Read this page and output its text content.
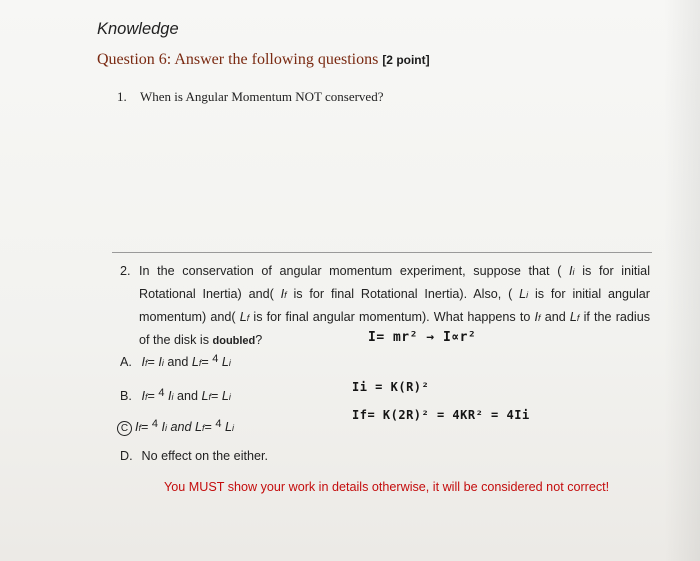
Knowledge
Question 6: Answer the following questions [2 point]
1. When is Angular Momentum NOT conserved?
2. In the conservation of angular momentum experiment, suppose that ( Ii is for initial Rotational Inertia) and( If is for final Rotational Inertia). Also, ( Li is for initial angular momentum) and( Lf is for final angular momentum). What happens to If and Lf if the radius of the disk is doubled?
A. If= Ii and Lf= 4 Li
B. If= 4 Ii and Lf= Li
C If= 4 Ii and Lf= 4 Li
D. No effect on the either.
I= mr² → I∝r²
Ii = K(R)²
If= K(2R)² = 4KR² = 4Ii
You MUST show your work in details otherwise, it will be considered not correct!
